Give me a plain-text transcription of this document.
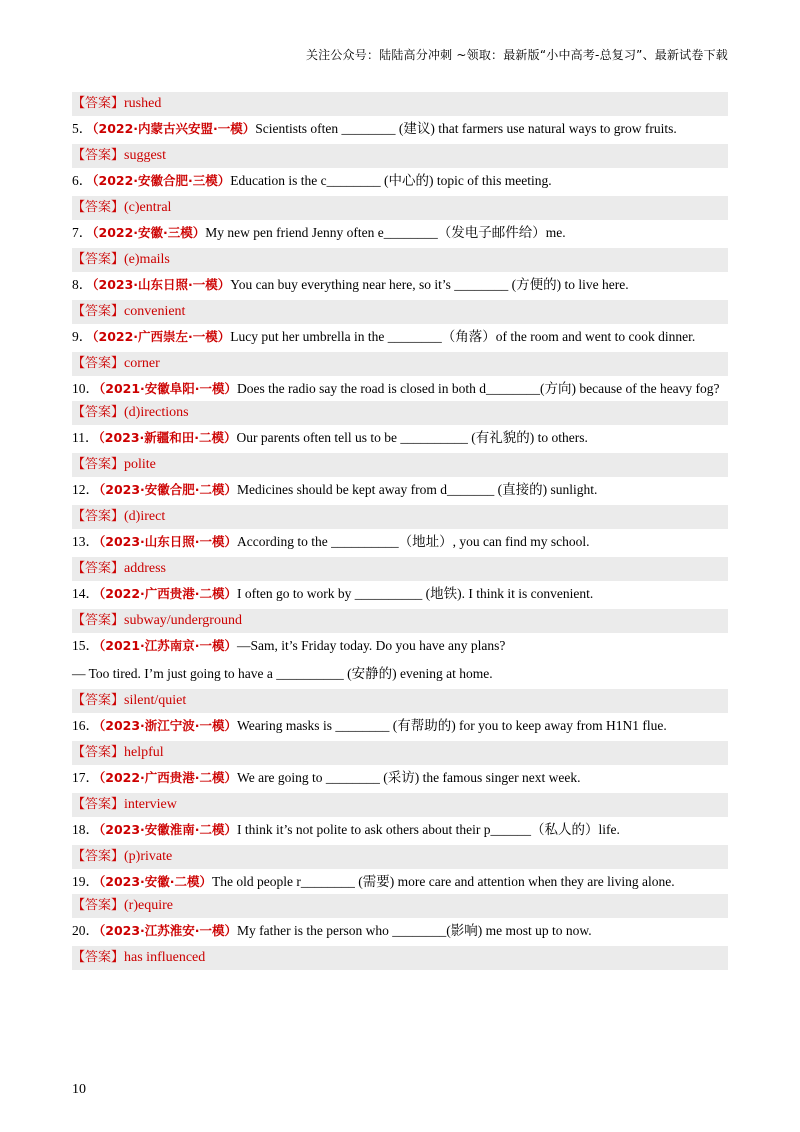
关注公众号：陆陆高分冲刺 ~领取：最新版“小中高考-总复习”、最新试卷下载
【答案】rushed
5．（2022·内蒙古兴安盟·一模）Scientists often ________ (建议) that farmers use natural ways to grow fruits.
【答案】suggest
6．（2022·安徽合肥·三模）Education is the c________ (中心的) topic of this meeting.
【答案】(c)entral
7．（2022·安徽·三模）My new pen friend Jenny often e________（发电子邮件给）me.
【答案】(e)mails
8．（2023·山东日照·一模）You can buy everything near here, so it’s ________ (方便的) to live here.
【答案】convenient
9．（2022·广西崇左·一模）Lucy put her umbrella in the ________（角落）of the room and went to cook dinner.
【答案】corner
10．（2021·安徽阜阳·一模）Does the radio say the road is closed in both d________(方向) because of the heavy fog?
【答案】(d)irections
11．（2023·新疆和田·二模）Our parents often tell us to be __________ (有礼貌的) to others.
【答案】polite
12．（2023·安徽合肥·二模）Medicines should be kept away from d_______ (直接的) sunlight.
【答案】(d)irect
13．（2023·山东日照·一模）According to the __________（地址）, you can find my school.
【答案】address
14．（2022·广西贵港·二模）I often go to work by __________ (地铁). I think it is convenient.
【答案】subway/underground
15．（2021·江苏南京·一模）—Sam, it’s Friday today. Do you have any plans?
— Too tired. I’m just going to have a __________ (安静的) evening at home.
【答案】silent/quiet
16．（2023·浙江宁波·一模）Wearing masks is ________ (有帮助的) for you to keep away from H1N1 flue.
【答案】helpful
17．（2022·广西贵港·二模）We are going to ________ (采访) the famous singer next week.
【答案】interview
18．（2023·安徽淮南·二模）I think it’s not polite to ask others about their p______（私人的）life.
【答案】(p)rivate
19．（2023·安徽·二模）The old people r________ (需要) more care and attention when they are living alone.
【答案】(r)equire
20．（2023·江苏淮安·一模）My father is the person who ________(影响) me most up to now.
【答案】has influenced
10
